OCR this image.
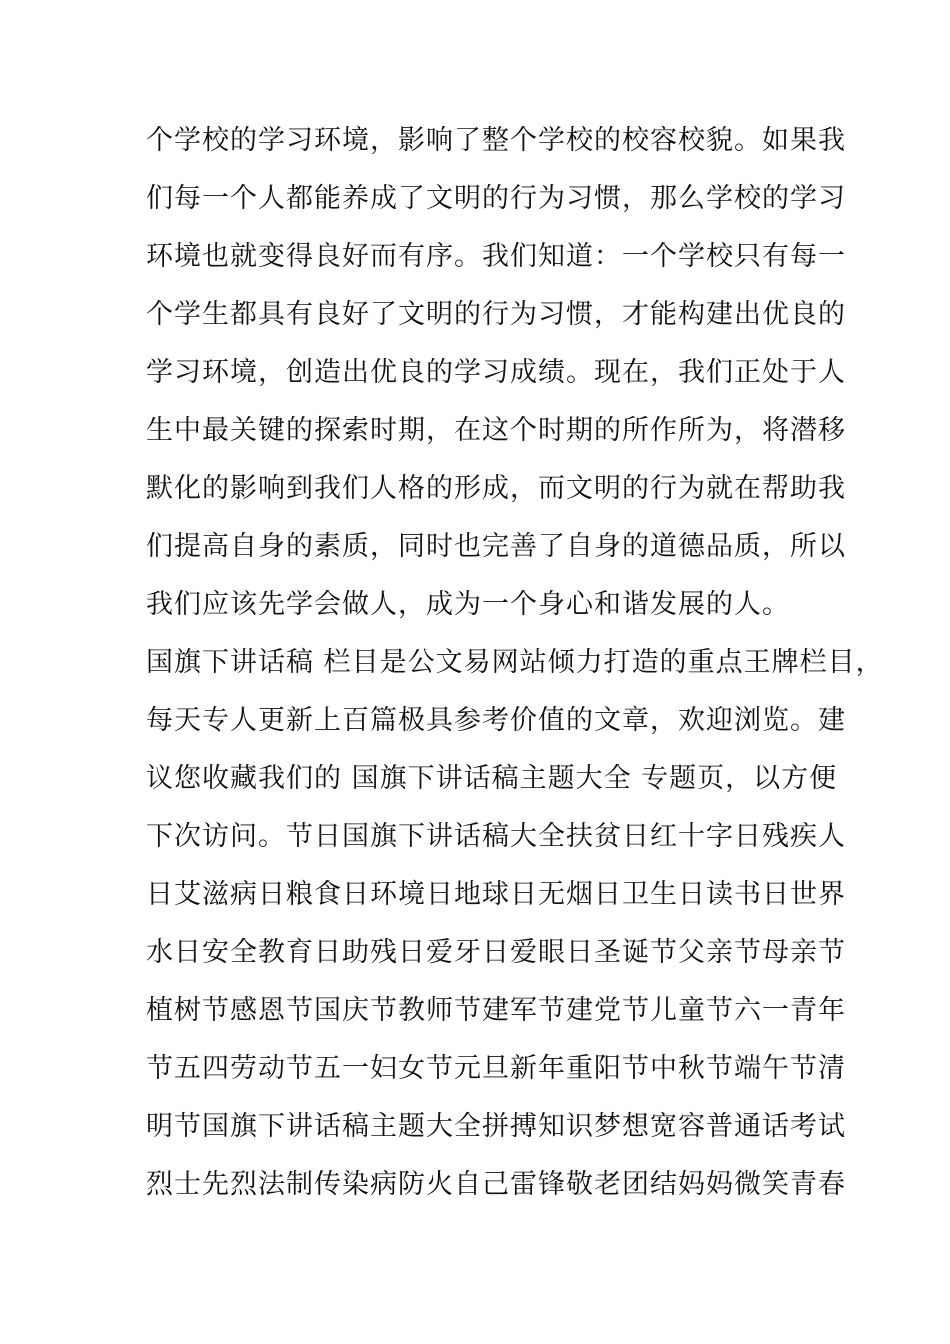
个学校的学习环境，影响了整个学校的校容校貌。如果我
们每一个人都能养成了文明的行为习惯，那么学校的学习
环境也就变得良好而有序。我们知道：一个学校只有每一
个学生都具有良好了文明的行为习惯，才能构建出优良的
学习环境，创造出优良的学习成绩。现在，我们正处于人
生中最关键的探索时期，在这个时期的所作所为，将潜移
默化的影响到我们人格的形成，而文明的行为就在帮助我
们提高自身的素质，同时也完善了自身的道德品质，所以
我们应该先学会做人，成为一个身心和谐发展的人。
国旗下讲话稿 栏目是公文易网站倾力打造的重点王牌栏目，
每天专人更新上百篇极具参考价值的文章，欢迎浏览。建
议您收藏我们的 国旗下讲话稿主题大全 专题页，以方便
下次访问。节日国旗下讲话稿大全扶贫日红十字日残疾人
日艾滋病日粮食日环境日地球日无烟日卫生日读书日世界
水日安全教育日助残日爱牙日爱眼日圣诞节父亲节母亲节
植树节感恩节国庆节教师节建军节建党节儿童节六一青年
节五四劳动节五一妇女节元旦新年重阳节中秋节端午节清
明节国旗下讲话稿主题大全拼搏知识梦想宽容普通话考试
烈士先烈法制传染病防火自己雷锋敬老团结妈妈微笑青春
